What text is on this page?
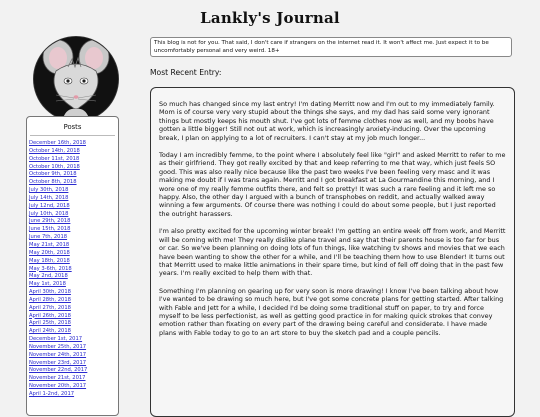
Lankly's Journal
This blog is not for you. That said, I don't care if strangers on the internet read it. It won't affect me. Just expect it to be uncomfortably personal and very weird. 18+
Most Recent Entry:
Posts
December 16th, 2018
October 14th, 2018
October 11st, 2018
October 10th, 2018
October 9th, 2018
October 8th, 2018
July 30th, 2018
July 14th, 2018
July 12nd, 2018
July 10th, 2018
June 29th, 2018
June 15th, 2018
June 7th, 2018
May 21st, 2018
May 20th, 2018
May 18th, 2018
May 3-6th, 2018
May 2nd, 2018
May 1st, 2018
April 30th, 2018
April 28th, 2018
April 27th, 2018
April 26th, 2018
April 25th, 2018
April 24th, 2018
December 1st, 2017
November 25th, 2017
November 24th, 2017
November 23rd, 2017
November 22nd, 2017
November 21st, 2017
November 20th, 2017
April 1-2nd, 2017

So much has changed since my last entry! I'm dating Merritt now and I'm out to my immediately family. Mom is of course very very stupid about the things she says, and my dad has said some very ignorant things but mostly keeps his mouth shut. I've got lots of femme clothes now as well, and my boobs have gotten a little bigger! Still not out at work, which is increasingly anxiety-inducing. Over the upcoming break, I plan on applying to a lot of recruiters. I can't stay at my job much longer...

Today I am incredibly femme, to the point where I absolutely feel like "girl" and asked Merritt to refer to me as their girlfriend. They got really excited by that and keep referring to me that way, which just feels SO good. This was also really nice because like the past two weeks I've been feeling very masc and it was making me doubt if I was trans again. Merritt and I got breakfast at La Gourmandine this morning, and I wore one of my really femme outfits there, and felt so pretty! It was such a rare feeling and it left me so happy. Also, the other day I argued with a bunch of transphobes on reddit, and actually walked away winning a few arguments. Of course there was nothing I could do about some people, but I just reported the outright harassers.

I'm also pretty excited for the upcoming winter break! I'm getting an entire week off from work, and Merritt will be coming with me! They really dislike plane travel and say that their parents house is too far for bus or car. So we've been planning on doing lots of fun things, like watching tv shows and movies that we each have been wanting to show the other for a while, and I'll be teaching them how to use Blender! It turns out that Merritt used to make little animations in their spare time, but kind of fell off doing that in the past few years. I'm really excited to help them with that.

Something I'm planning on gearing up for very soon is more drawing! I know I've been talking about how I've wanted to be drawing so much here, but I've got some concrete plans for getting started. After talking with Fable and Jett for a while, I decided I'd be doing some traditional stuff on paper, to try and force myself to be less perfectionist, as well as getting good practice in for making quick strokes that convey emotion rather than fixating on every part of the drawing being careful and considerate. I have made plans with Fable today to go to an art store to buy the sketch pad and a couple pencils.
